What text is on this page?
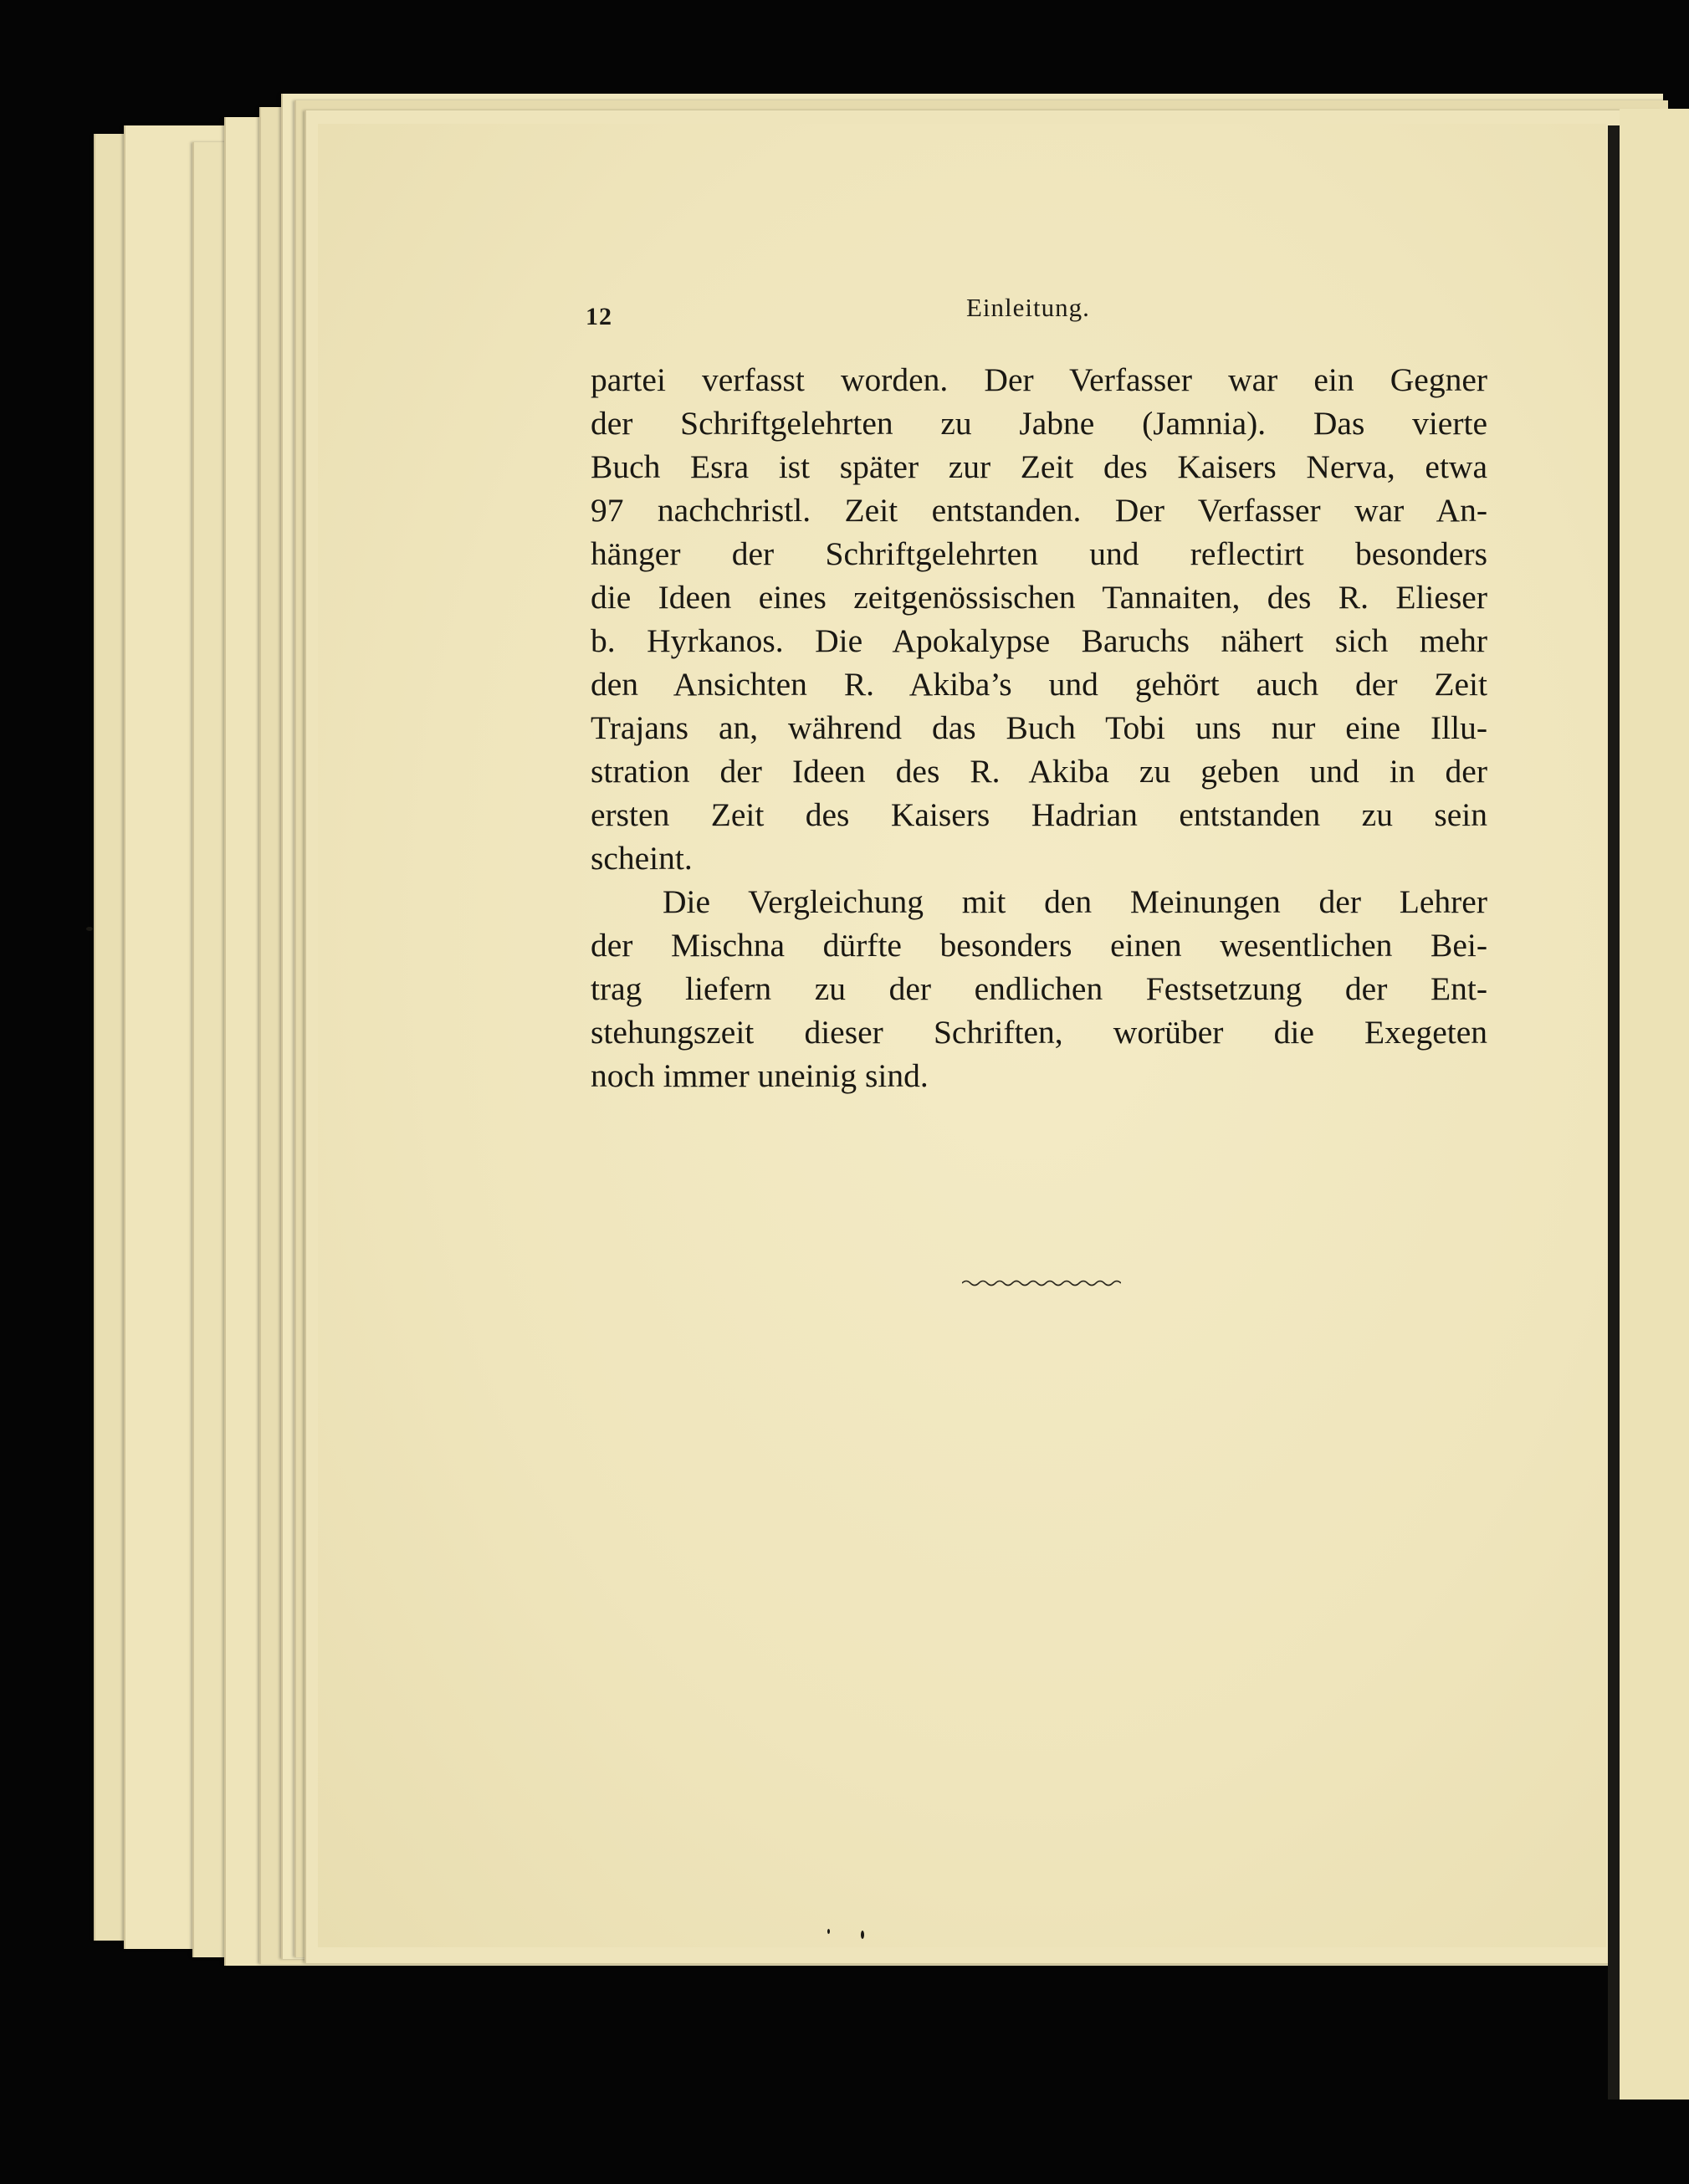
12	Einleitung.
partei verfasst worden. Der Verfasser war ein Gegner
der Schriftgelehrten zu Jabne (Jamnia). Das vierte
Buch Esra ist später zur Zeit des Kaisers Nerva, etwa
97 nachchristl. Zeit entstanden. Der Verfasser war An-
hänger der Schriftgelehrten und reflectirt besonders
die Ideen eines zeitgenössischen Tannaiten, des R. Elieser
b. Hyrkanos. Die Apokalypse Baruchs nähert sich mehr
den Ansichten R. Akiba’s und gehört auch der Zeit
Trajans an, während das Buch Tobi uns nur eine Illu-
stration der Ideen des R. Akiba zu geben und in der
ersten Zeit des Kaisers Hadrian entstanden zu sein
scheint.
Die Vergleichung mit den Meinungen der Lehrer
der Mischna dürfte besonders einen wesentlichen Bei-
trag liefern zu der endlichen Festsetzung der Ent-
stehungszeit dieser Schriften, worüber die Exegeten
noch immer uneinig sind.
